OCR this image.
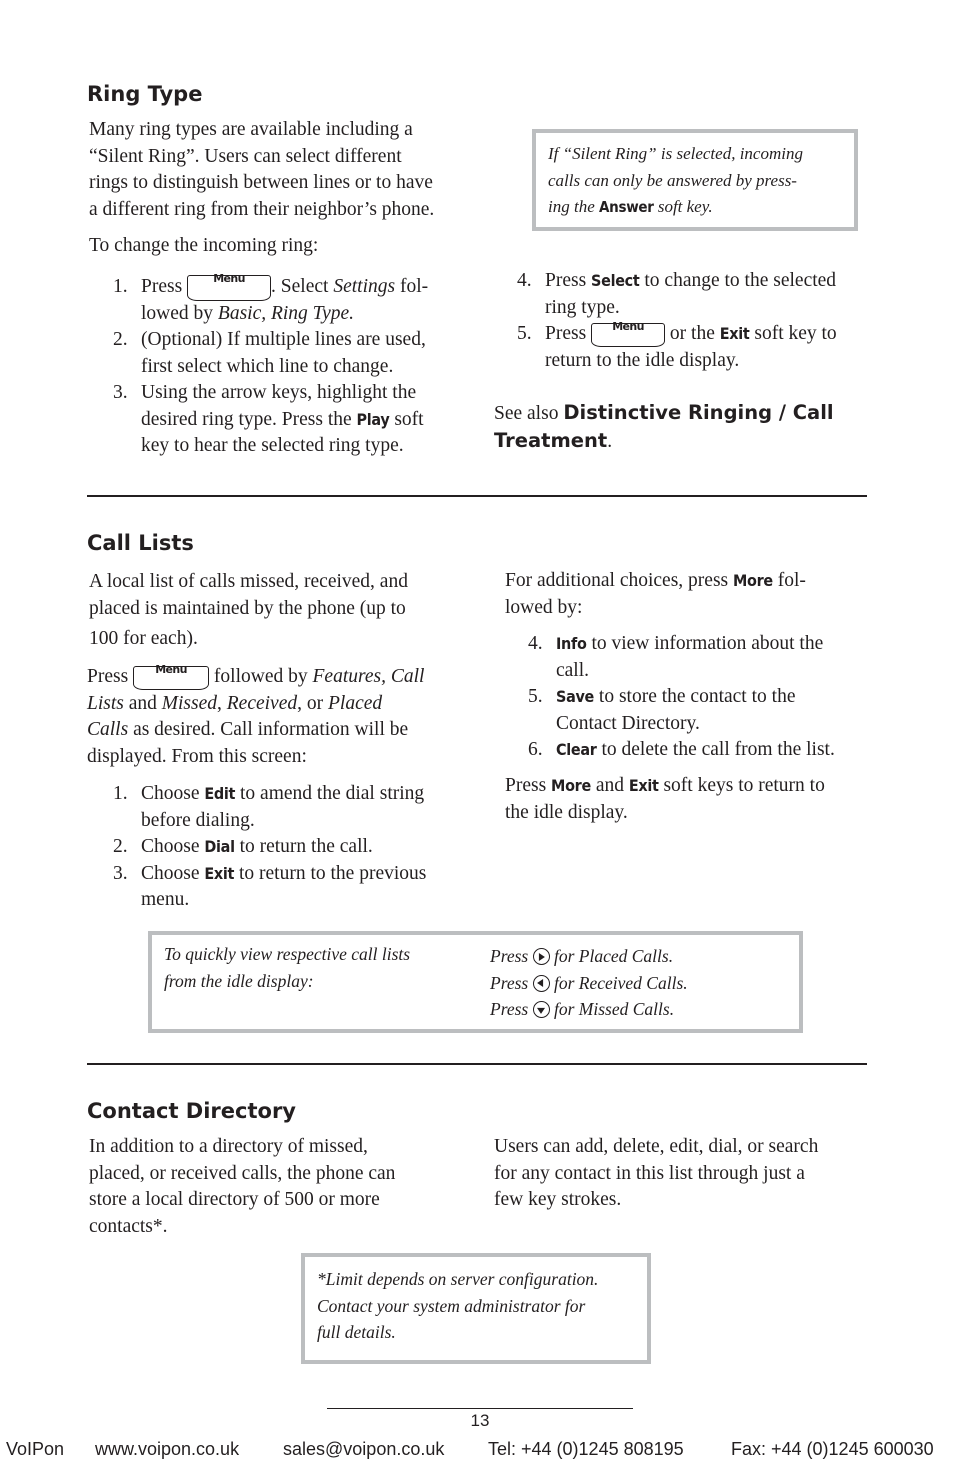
Ring Type
Many ring types are available including a
“Silent Ring”. Users can select different
rings to distinguish between lines or to have
a different ring from their neighbor’s phone.
To change the incoming ring:
If “Silent Ring” is selected, incoming
calls can only be answered by press-
ing the Answer soft key.
1. Press Menu . Select Settings fol-
lowed by Basic, Ring Type.
2. (Optional) If multiple lines are used,
first select which line to change.
3. Using the arrow keys, highlight the
desired ring type. Press the Play soft
key to hear the selected ring type.
4. Press Select to change to the selected
ring type.
5. Press Menu or the Exit soft key to
return to the idle display.
See also Distinctive Ringing / Call
Treatment.
Call Lists
A local list of calls missed, received, and
placed is maintained by the phone (up to
100 for each).
Press Menu followed by Features, Call
Lists and Missed, Received, or Placed
Calls as desired. Call information will be
displayed. From this screen:
1. Choose Edit to amend the dial string
before dialing.
2. Choose Dial to return the call.
3. Choose Exit to return to the previous
menu.
For additional choices, press More fol-
lowed by:
4. Info to view information about the
call.
5. Save to store the contact to the
Contact Directory.
6. Clear to delete the call from the list.
Press More and Exit soft keys to return to
the idle display.
To quickly view respective call lists
from the idle display:
Press  for Placed Calls.
Press  for Received Calls.
Press  for Missed Calls.
Contact Directory
In addition to a directory of missed,
placed, or received calls, the phone can
store a local directory of 500 or more
contacts*.
Users can add, delete, edit, dial, or search
for any contact in this list through just a
few key strokes.
*Limit depends on server configuration.
Contact your system administrator for
full details.
13
VoIPon www.voipon.co.uk sales@voipon.co.uk Tel: +44 (0)1245 808195	Fax: +44 (0)1245 600030
